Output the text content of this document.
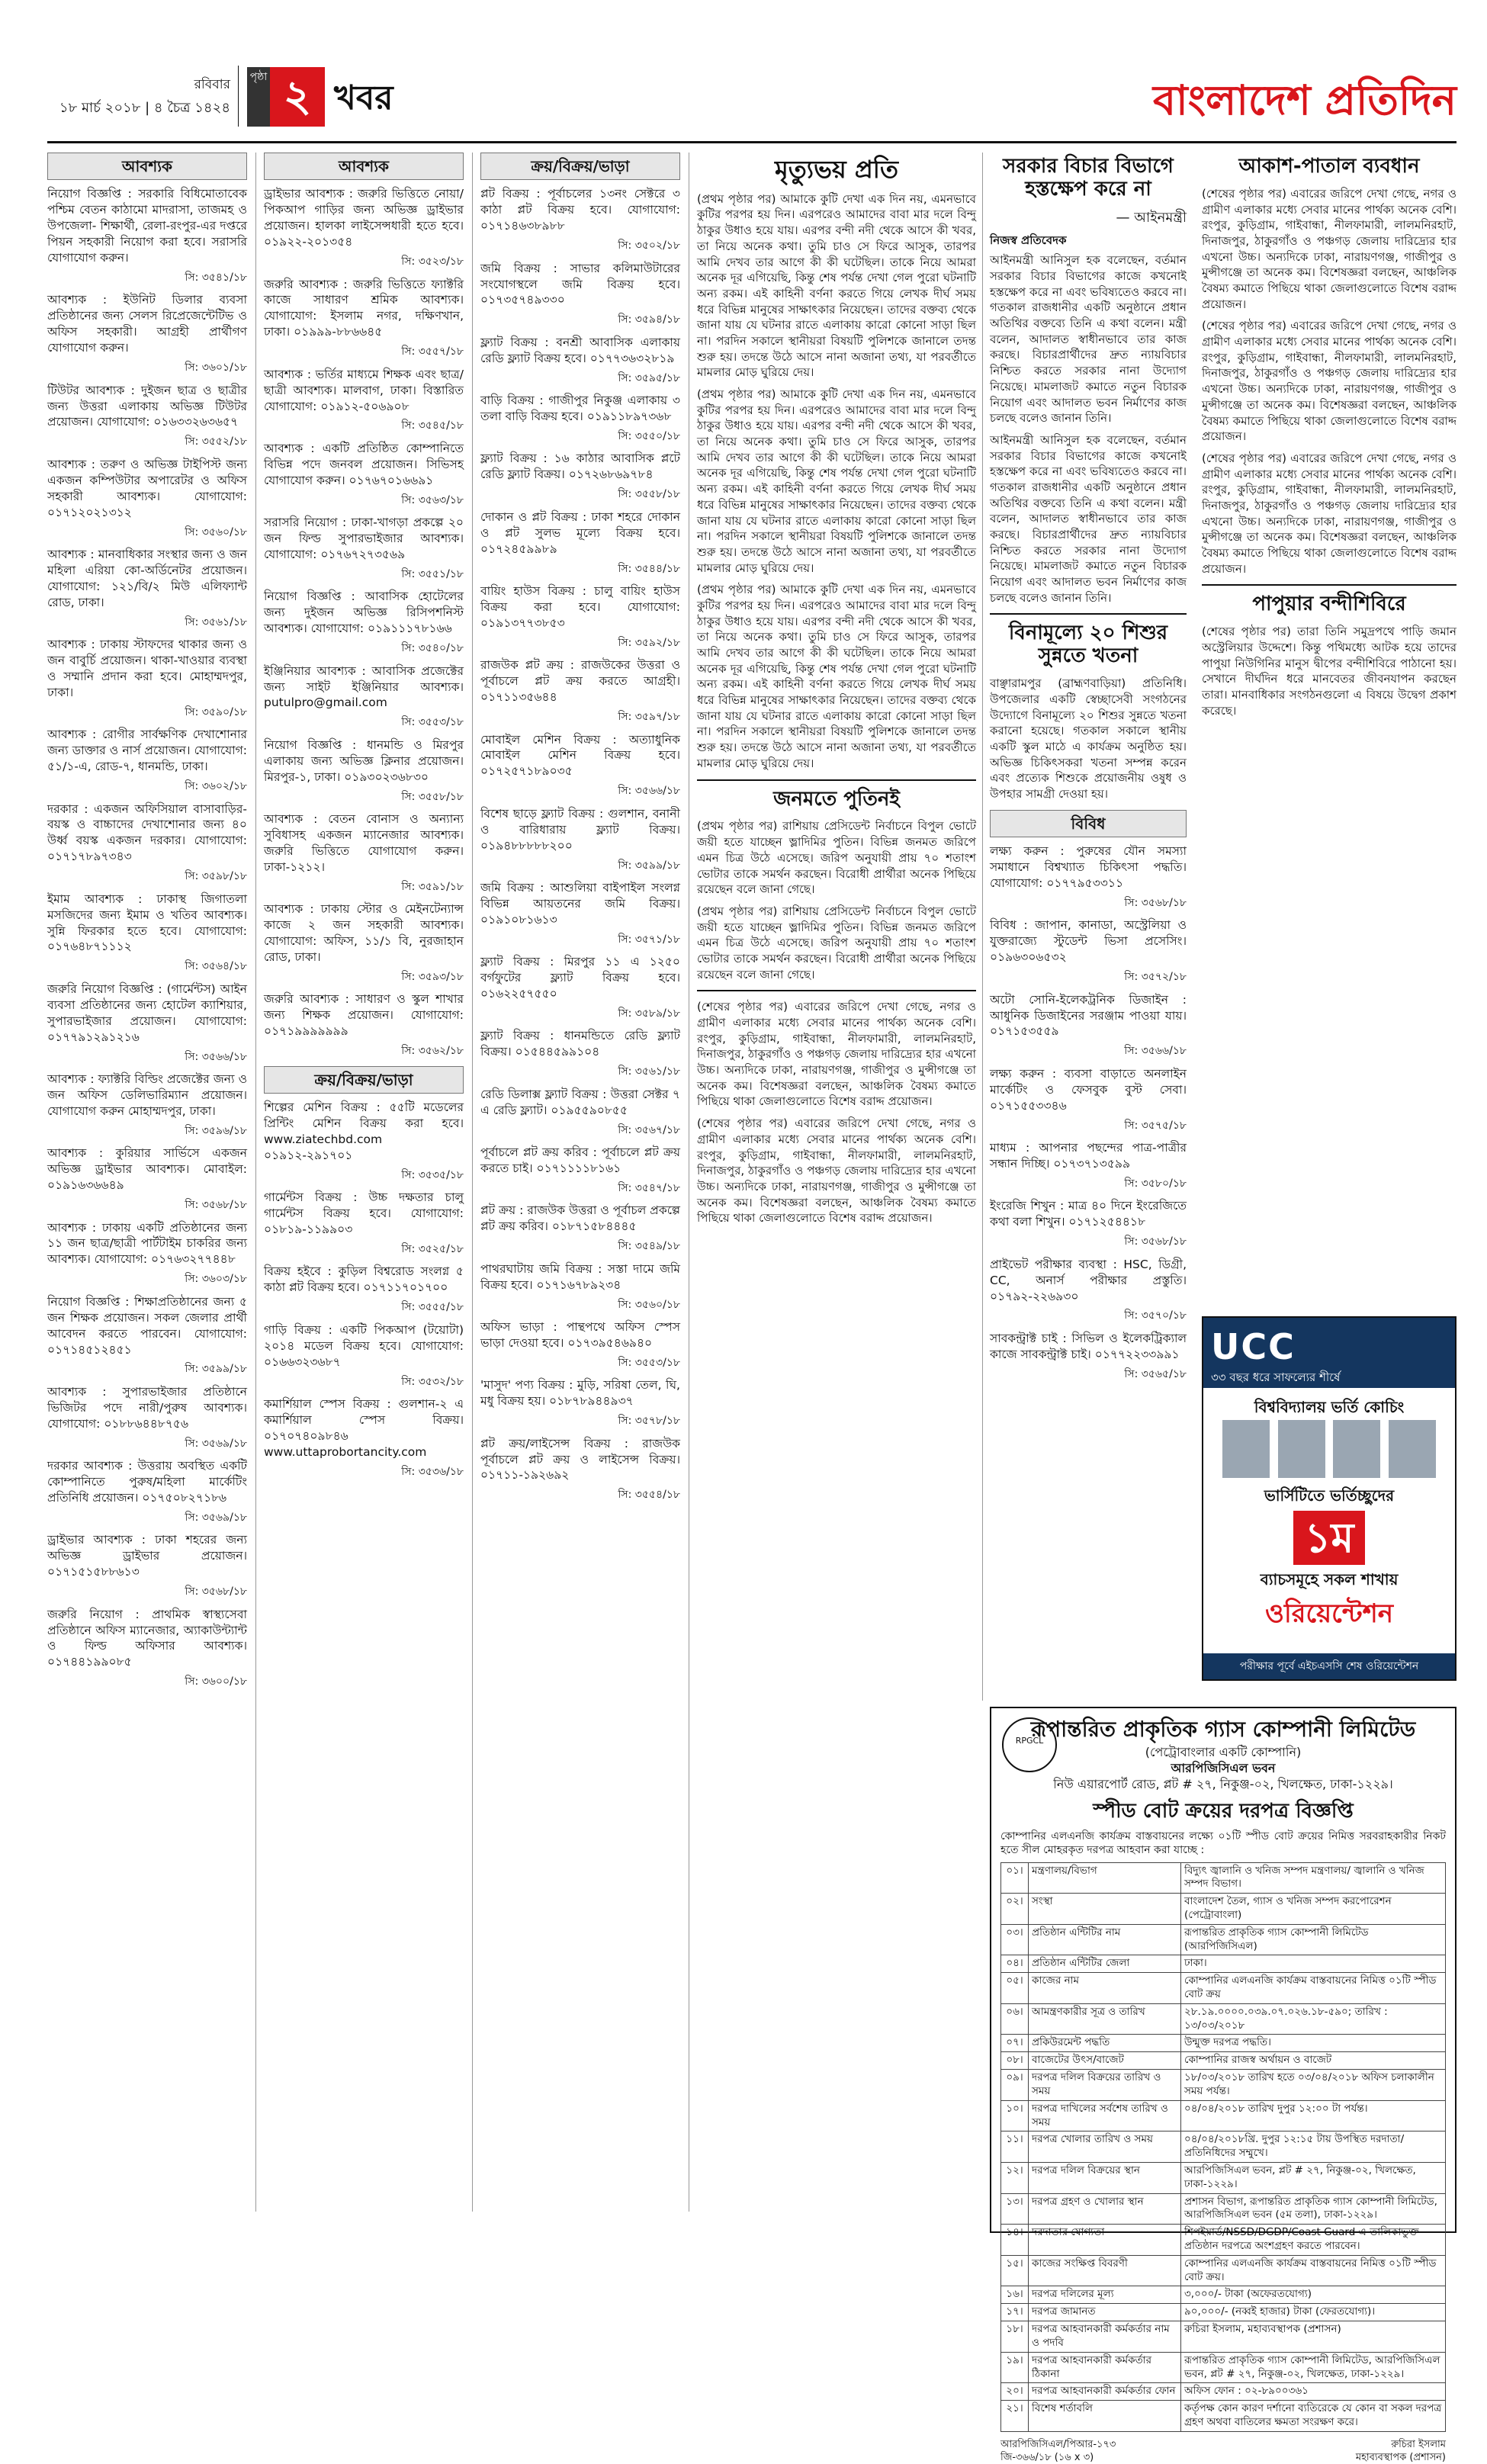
রবিবার
১৮ মার্চ ২০১৮ | ৪ চৈত্র ১৪২৪
পৃষ্ঠা ২ খবর	বাংলাদেশ প্রতিদিন
আবশ্যক
নিয়োগ বিজ্ঞপ্তি : সরকারি বিধিমোতাবেক পশ্চিম বেতন কাঠামো মাদরাসা, তাজমহ ও উপজেলা- শিক্ষার্থী, রেলা-রংপুর-এর দপ্তরে পিয়ন সহকারী নিয়োগ করা হবে। সরাসরি যোগাযোগ করুন।
সি: ৩৫৪১/১৮
আবশ্যক : ইউনিট ডিলার ব্যবসা প্রতিষ্ঠানের জন্য সেলস রিপ্রেজেন্টেটিভ ও অফিস সহকারী। আগ্রহী প্রার্থীগণ যোগাযোগ করুন।
সি: ৩৬০১/১৮
টিউটর আবশ্যক : দুইজন ছাত্র ও ছাত্রীর জন্য উত্তরা এলাকায় অভিজ্ঞ টিউটর প্রয়োজন। যোগাযোগ: ০১৬৩৩২৬৩৬৫৭
সি: ৩৫৫২/১৮
আবশ্যক : তরুণ ও অভিজ্ঞ টাইপিস্ট জন্য একজন কম্পিউটার অপারেটর ও অফিস সহকারী আবশ্যক। যোগাযোগ: ০১৭১২০২১৩১২
সি: ৩৫৬০/১৮
আবশ্যক : মানবাধিকার সংস্থার জন্য ও জন মহিলা এরিয়া কো-অর্ডিনেটর প্রয়োজন। যোগাযোগ: ১২১/বি/২ মিউ এলিফ্যান্ট রোড, ঢাকা।
সি: ৩৫৬১/১৮
আবশ্যক : ঢাকায় স্টাফদের থাকার জন্য ও জন বাবুর্চি প্রয়োজন। থাকা-খাওয়ার ব্যবস্থা ও সম্মানি প্রদান করা হবে। মোহাম্মদপুর, ঢাকা।
সি: ৩৫৯০/১৮
আবশ্যক : রোগীর সার্বক্ষণিক দেখাশোনার জন্য ডাক্তার ও নার্স প্রয়োজন। যোগাযোগ: ৫১/১-এ, রোড-৭, ধানমন্ডি, ঢাকা।
সি: ৩৬০২/১৮
দরকার : একজন অফিসিয়াল বাসাবাড়ির-বয়স্ক ও বাচ্চাদের দেখাশোনার জন্য ৪০ উর্ধ্ব বয়স্ক একজন দরকার। যোগাযোগ: ০১৭১৭৮৯৭৩৪৩
সি: ৩৫৯৮/১৮
ইমাম আবশ্যক : ঢাকাস্থ জিগাতলা মসজিদের জন্য ইমাম ও খতিব আবশ্যক। সুন্নি ফিরকার হতে হবে। যোগাযোগ: ০১৭৬৪৮৭১১১২
সি: ৩৫৬৪/১৮
জরুরি নিয়োগ বিজ্ঞপ্তি : (গার্মেন্টস) আইন ব্যবসা প্রতিষ্ঠানের জন্য হোটেল ক্যাশিয়ার, সুপারভাইজার প্রয়োজন। যোগাযোগ: ০১৭৭৯১২৯১২১৬
সি: ৩৫৬৬/১৮
আবশ্যক : ফ্যাক্টরি বিল্ডিং প্রজেক্টের জন্য ও জন অফিস ডেলিভারিম্যান প্রয়োজন। যোগাযোগ করুন মোহাম্মদপুর, ঢাকা।
সি: ৩৫৯৬/১৮
আবশ্যক : কুরিয়ার সার্ভিসে একজন অভিজ্ঞ ড্রাইভার আবশ্যক। মোবাইল: ০১৯১৬৩৬৬৪৯
সি: ৩৫৬৮/১৮
আবশ্যক : ঢাকায় একটি প্রতিষ্ঠানের জন্য ১১ জন ছাত্র/ছাত্রী পার্টটাইম চাকরির জন্য আবশ্যক। যোগাযোগ: ০১৭৬৩২৭৭৪৪৮
সি: ৩৬০৩/১৮
নিয়োগ বিজ্ঞপ্তি : শিক্ষাপ্রতিষ্ঠানের জন্য ৫ জন শিক্ষক প্রয়োজন। সকল জেলার প্রার্থী আবেদন করতে পারবেন। যোগাযোগ: ০১৭১৪৫১২৪৫১
সি: ৩৫৯৯/১৮
আবশ্যক : সুপারভাইজার প্রতিষ্ঠানে ভিজিটর পদে নারী/পুরুষ আবশ্যক। যোগাযোগ: ০১৮৮৬৪৪৮৭৫৬
সি: ৩৫৬৯/১৮
দরকার আবশ্যক : উত্তরায় অবস্থিত একটি কোম্পানিতে পুরুষ/মহিলা মার্কেটিং প্রতিনিধি প্রয়োজন। ০১৭৫০৮২৭১৮৬
সি: ৩৫৬৯/১৮
ড্রাইভার আবশ্যক : ঢাকা শহরের জন্য অভিজ্ঞ ড্রাইভার প্রয়োজন। ০১৭১৫১৫৮৮৬১৩
সি: ৩৫৬৮/১৮
জরুরি নিয়োগ : প্রাথমিক স্বাস্থ্যসেবা প্রতিষ্ঠানে অফিস ম্যানেজার, অ্যাকাউন্ট্যান্ট ও ফিল্ড অফিসার আবশ্যক। ০১৭৪৪১৯৯০৮৫
সি: ৩৬০০/১৮
আবশ্যক
ড্রাইভার আবশ্যক : জরুরি ভিত্তিতে নোয়া/পিকআপ গাড়ির জন্য অভিজ্ঞ ড্রাইভার প্রয়োজন। হালকা লাইসেন্সধারী হতে হবে। ০১৯২২-২০১৩৫৪
সি: ৩৫২৩/১৮
জরুরি আবশ্যক : জরুরি ভিত্তিতে ফ্যাক্টরি কাজে সাধারণ শ্রমিক আবশ্যক। যোগাযোগ: ইসলাম নগর, দক্ষিণখান, ঢাকা। ০১৯৯৯-৮৮৬৬৪৫
সি: ৩৫৫৭/১৮
আবশ্যক : ভর্তির মাধ্যমে শিক্ষক এবং ছাত্র/ছাত্রী আবশ্যক। মালবাগ, ঢাকা। বিস্তারিত যোগাযোগ: ০১৯১২-৫০৬৯০৮
সি: ৩৫৪৫/১৮
আবশ্যক : একটি প্রতিষ্ঠিত কোম্পানিতে বিভিন্ন পদে জনবল প্রয়োজন। সিভিসহ যোগাযোগ করুন। ০১৭৬৭০১৬৬৯১
সি: ৩৫৬৩/১৮
সরাসরি নিয়োগ : ঢাকা-খাগড়া প্রকল্পে ২০ জন ফিল্ড সুপারভাইজার আবশ্যক। যোগাযোগ: ০১৭৬৭২৭৩৫৬৯
সি: ৩৫৫১/১৮
নিয়োগ বিজ্ঞপ্তি : আবাসিক হোটেলের জন্য দুইজন অভিজ্ঞ রিসিপশনিস্ট আবশ্যক। যোগাযোগ: ০১৯১১১৭৮১৬৬
সি: ৩৫৪০/১৮
ইঞ্জিনিয়ার আবশ্যক : আবাসিক প্রজেক্টের জন্য সাইট ইঞ্জিনিয়ার আবশ্যক। putulpro@gmail.com
সি: ৩৫৫৩/১৮
নিয়োগ বিজ্ঞপ্তি : ধানমন্ডি ও মিরপুর এলাকায় জন্য অভিজ্ঞ ক্লিনার প্রয়োজন। মিরপুর-১, ঢাকা। ০১৯৩০২৩৬৮৩০
সি: ৩৫৫৮/১৮
আবশ্যক : বেতন বোনাস ও অন্যান্য সুবিধাসহ একজন ম্যানেজার আবশ্যক। জরুরি ভিত্তিতে যোগাযোগ করুন। ঢাকা-১২১২।
সি: ৩৫৯১/১৮
আবশ্যক : ঢাকায় স্টোর ও মেইনটেন্যান্স কাজে ২ জন সহকারী আবশ্যক। যোগাযোগ: অফিস, ১১/১ বি, নুরজাহান রোড, ঢাকা।
সি: ৩৫৯৩/১৮
জরুরি আবশ্যক : সাধারণ ও স্কুল শাখার জন্য শিক্ষক প্রয়োজন। যোগাযোগ: ০১৭১৯৯৯৯৯৯৯
সি: ৩৫৬২/১৮
ক্রয়/বিক্রয়/ভাড়া
শিল্পের মেশিন বিক্রয় : ৫৫টি মডেলের প্রিন্টিং মেশিন বিক্রয় করা হবে। www.ziatechbd.com ০১৯১২-২৯১৭০১
সি: ৩৫৩৫/১৮
গার্মেন্টস বিক্রয় : উচ্চ দক্ষতার চালু গার্মেন্টস বিক্রয় হবে। যোগাযোগ: ০১৮১৯-১১৯৯০৩
সি: ৩৫২৫/১৮
বিক্রয় হইবে : কুড়িল বিশ্বরোড সংলগ্ন ৫ কাঠা প্লট বিক্রয় হবে। ০১৭১১৭০১৭০০
সি: ৩৫৫৫/১৮
গাড়ি বিক্রয় : একটি পিকআপ (টয়োটা) ২০১৪ মডেল বিক্রয় হবে। যোগাযোগ: ০১৬৬৩২৩৬৮৭
সি: ৩৫৩২/১৮
কমার্শিয়াল স্পেস বিক্রয় : গুলশান-২ এ কমার্শিয়াল স্পেস বিক্রয়। ০১৭০৭৪০৯৮৪৬ www.uttaprobortancity.com
সি: ৩৫৩৬/১৮
ক্রয়/বিক্রয়/ভাড়া
প্লট বিক্রয় : পূর্বাচলের ১৩নং সেক্টরে ৩ কাঠা প্লট বিক্রয় হবে। যোগাযোগ: ০১৭১৪৬৩৮৯৮৮
সি: ৩৫০২/১৮
জমি বিক্রয় : সাভার কলিমাউটারের সংযোগস্থলে জমি বিক্রয় হবে। ০১৭৩৫৭৪৯৩৩০
সি: ৩৫৯৪/১৮
ফ্ল্যাট বিক্রয় : বনশ্রী আবাসিক এলাকায় রেডি ফ্ল্যাট বিক্রয় হবে। ০১৭৭৩৬৩২৮১৯
সি: ৩৫৯৫/১৮
বাড়ি বিক্রয় : গাজীপুর নিকুঞ্জ এলাকায় ৩ তলা বাড়ি বিক্রয় হবে। ০১৯১১৮৯৭৩৬৮
সি: ৩৫৫০/১৮
ফ্ল্যাট বিক্রয় : ১৬ কাঠার আবাসিক প্লটে রেডি ফ্ল্যাট বিক্রয়। ০১৭২৬৮৬৯৭৮৪
সি: ৩৫৫৮/১৮
দোকান ও প্লট বিক্রয় : ঢাকা শহরে দোকান ও প্লট সুলভ মূল্যে বিক্রয় হবে। ০১৭২৪৫৯৯৮৯
সি: ৩৫৪৪/১৮
বায়িং হাউস বিক্রয় : চালু বায়িং হাউস বিক্রয় করা হবে। যোগাযোগ: ০১৯১৩৭৭৩৮৫৩
সি: ৩৫৯২/১৮
রাজউক প্লট ক্রয় : রাজউকের উত্তরা ও পূর্বাচলে প্লট ক্রয় করতে আগ্রহী। ০১৭১১৩৫৬৪৪
সি: ৩৫৯৭/১৮
মোবাইল মেশিন বিক্রয় : অত্যাধুনিক মোবাইল মেশিন বিক্রয় হবে। ০১৭২৫৭১৮৯০৩৫
সি: ৩৫৬৬/১৮
বিশেষ ছাড়ে ফ্ল্যাট বিক্রয় : গুলশান, বনানী ও বারিধারায় ফ্ল্যাট বিক্রয়। ০১৯৪৮৮৮৮৮২০০
সি: ৩৫৯৯/১৮
জমি বিক্রয় : আশুলিয়া বাইপাইল সংলগ্ন বিভিন্ন আয়তনের জমি বিক্রয়। ০১৯১০৮১৬১৩
সি: ৩৫৭১/১৮
ফ্ল্যাট বিক্রয় : মিরপুর ১১ এ ১২৫০ বর্গফুটের ফ্ল্যাট বিক্রয় হবে। ০১৬২২৫৭৫৫০
সি: ৩৫৮৯/১৮
ফ্ল্যাট বিক্রয় : ধানমন্ডিতে রেডি ফ্ল্যাট বিক্রয়। ০১৫৪৪৫৯৯১০৪
সি: ৩৫৬১/১৮
রেডি ডিলাক্স ফ্ল্যাট বিক্রয় : উত্তরা সেক্টর ৭ এ রেডি ফ্ল্যাট। ০১৯৫৫৯০৮৫৫
সি: ৩৫৬৭/১৮
পূর্বাচলে প্লট ক্রয় করিব : পূর্বাচলে প্লট ক্রয় করতে চাই। ০১৭১১১১৮১৬১
সি: ৩৫৪৭/১৮
প্লট ক্রয় : রাজউক উত্তরা ও পূর্বাচল প্রকল্পে প্লট ক্রয় করিব। ০১৮৭১৫৮৪৪৪৫
সি: ৩৫৪৯/১৮
পাথরঘাটায় জমি বিক্রয় : সস্তা দামে জমি বিক্রয় হবে। ০১৭১৬৭৮৯২৩৪
সি: ৩৫৬০/১৮
অফিস ভাড়া : পান্থপথে অফিস স্পেস ভাড়া দেওয়া হবে। ০১৭৩৯৫৪৬৯৪০
সি: ৩৫৫৩/১৮
'মাসুদ' পণ্য বিক্রয় : মুড়ি, সরিষা তেল, ঘি, মধু বিক্রয় হয়। ০১৮৭৮৯৪৪৯৩৭
সি: ৩৫৭৮/১৮
প্লট ক্রয়/লাইসেন্স বিক্রয় : রাজউক পূর্বাচলে প্লট ক্রয় ও লাইসেন্স বিক্রয়। ০১৭১১-১৯২৬৯২
সি: ৩৫৫৪/১৮
মৃত্যুভয় প্রতি
(প্রথম পৃষ্ঠার পর) আমাকে কুটি দেখা এক দিন নয়, এমনভাবে কুটির পরপর হয় দিন। এরপরেও আমাদের বাবা মার দলে বিন্দু ঠাকুর উধাও হয়ে যায়। এরপর বন্দী নদী থেকে আসে কী খবর, তা নিয়ে অনেক কথা। তুমি চাও সে ফিরে আসুক, তারপর আমি দেখব তার আগে কী কী ঘটেছিল। তাকে নিয়ে আমরা অনেক দূর এগিয়েছি, কিন্তু শেষ পর্যন্ত দেখা গেল পুরো ঘটনাটি অন্য রকম। এই কাহিনী বর্ণনা করতে গিয়ে লেখক দীর্ঘ সময় ধরে বিভিন্ন মানুষের সাক্ষাৎকার নিয়েছেন। তাদের বক্তব্য থেকে জানা যায় যে ঘটনার রাতে এলাকায় কারো কোনো সাড়া ছিল না। পরদিন সকালে স্থানীয়রা বিষয়টি পুলিশকে জানালে তদন্ত শুরু হয়। তদন্তে উঠে আসে নানা অজানা তথ্য, যা পরবর্তীতে মামলার মোড় ঘুরিয়ে দেয়।
(প্রথম পৃষ্ঠার পর) আমাকে কুটি দেখা এক দিন নয়, এমনভাবে কুটির পরপর হয় দিন। এরপরেও আমাদের বাবা মার দলে বিন্দু ঠাকুর উধাও হয়ে যায়। এরপর বন্দী নদী থেকে আসে কী খবর, তা নিয়ে অনেক কথা। তুমি চাও সে ফিরে আসুক, তারপর আমি দেখব তার আগে কী কী ঘটেছিল। তাকে নিয়ে আমরা অনেক দূর এগিয়েছি, কিন্তু শেষ পর্যন্ত দেখা গেল পুরো ঘটনাটি অন্য রকম। এই কাহিনী বর্ণনা করতে গিয়ে লেখক দীর্ঘ সময় ধরে বিভিন্ন মানুষের সাক্ষাৎকার নিয়েছেন। তাদের বক্তব্য থেকে জানা যায় যে ঘটনার রাতে এলাকায় কারো কোনো সাড়া ছিল না। পরদিন সকালে স্থানীয়রা বিষয়টি পুলিশকে জানালে তদন্ত শুরু হয়। তদন্তে উঠে আসে নানা অজানা তথ্য, যা পরবর্তীতে মামলার মোড় ঘুরিয়ে দেয়।
(প্রথম পৃষ্ঠার পর) আমাকে কুটি দেখা এক দিন নয়, এমনভাবে কুটির পরপর হয় দিন। এরপরেও আমাদের বাবা মার দলে বিন্দু ঠাকুর উধাও হয়ে যায়। এরপর বন্দী নদী থেকে আসে কী খবর, তা নিয়ে অনেক কথা। তুমি চাও সে ফিরে আসুক, তারপর আমি দেখব তার আগে কী কী ঘটেছিল। তাকে নিয়ে আমরা অনেক দূর এগিয়েছি, কিন্তু শেষ পর্যন্ত দেখা গেল পুরো ঘটনাটি অন্য রকম। এই কাহিনী বর্ণনা করতে গিয়ে লেখক দীর্ঘ সময় ধরে বিভিন্ন মানুষের সাক্ষাৎকার নিয়েছেন। তাদের বক্তব্য থেকে জানা যায় যে ঘটনার রাতে এলাকায় কারো কোনো সাড়া ছিল না। পরদিন সকালে স্থানীয়রা বিষয়টি পুলিশকে জানালে তদন্ত শুরু হয়। তদন্তে উঠে আসে নানা অজানা তথ্য, যা পরবর্তীতে মামলার মোড় ঘুরিয়ে দেয়।
জনমতে পুতিনই
(প্রথম পৃষ্ঠার পর) রাশিয়ায় প্রেসিডেন্ট নির্বাচনে বিপুল ভোটে জয়ী হতে যাচ্ছেন ভ্লাদিমির পুতিন। বিভিন্ন জনমত জরিপে এমন চিত্র উঠে এসেছে। জরিপ অনুযায়ী প্রায় ৭০ শতাংশ ভোটার তাকে সমর্থন করছেন। বিরোধী প্রার্থীরা অনেক পিছিয়ে রয়েছেন বলে জানা গেছে।
(প্রথম পৃষ্ঠার পর) রাশিয়ায় প্রেসিডেন্ট নির্বাচনে বিপুল ভোটে জয়ী হতে যাচ্ছেন ভ্লাদিমির পুতিন। বিভিন্ন জনমত জরিপে এমন চিত্র উঠে এসেছে। জরিপ অনুযায়ী প্রায় ৭০ শতাংশ ভোটার তাকে সমর্থন করছেন। বিরোধী প্রার্থীরা অনেক পিছিয়ে রয়েছেন বলে জানা গেছে।
(শেষের পৃষ্ঠার পর) এবারের জরিপে দেখা গেছে, নগর ও গ্রামীণ এলাকার মধ্যে সেবার মানের পার্থক্য অনেক বেশি। রংপুর, কুড়িগ্রাম, গাইবান্ধা, নীলফামারী, লালমনিরহাট, দিনাজপুর, ঠাকুরগাঁও ও পঞ্চগড় জেলায় দারিদ্র্যের হার এখনো উচ্চ। অন্যদিকে ঢাকা, নারায়ণগঞ্জ, গাজীপুর ও মুন্সীগঞ্জে তা অনেক কম। বিশেষজ্ঞরা বলছেন, আঞ্চলিক বৈষম্য কমাতে পিছিয়ে থাকা জেলাগুলোতে বিশেষ বরাদ্দ প্রয়োজন।
(শেষের পৃষ্ঠার পর) এবারের জরিপে দেখা গেছে, নগর ও গ্রামীণ এলাকার মধ্যে সেবার মানের পার্থক্য অনেক বেশি। রংপুর, কুড়িগ্রাম, গাইবান্ধা, নীলফামারী, লালমনিরহাট, দিনাজপুর, ঠাকুরগাঁও ও পঞ্চগড় জেলায় দারিদ্র্যের হার এখনো উচ্চ। অন্যদিকে ঢাকা, নারায়ণগঞ্জ, গাজীপুর ও মুন্সীগঞ্জে তা অনেক কম। বিশেষজ্ঞরা বলছেন, আঞ্চলিক বৈষম্য কমাতে পিছিয়ে থাকা জেলাগুলোতে বিশেষ বরাদ্দ প্রয়োজন।
সরকার বিচার বিভাগে হস্তক্ষেপ করে না
— আইনমন্ত্রী
নিজস্ব প্রতিবেদক
আইনমন্ত্রী আনিসুল হক বলেছেন, বর্তমান সরকার বিচার বিভাগের কাজে কখনোই হস্তক্ষেপ করে না এবং ভবিষ্যতেও করবে না। গতকাল রাজধানীর একটি অনুষ্ঠানে প্রধান অতিথির বক্তব্যে তিনি এ কথা বলেন। মন্ত্রী বলেন, আদালত স্বাধীনভাবে তার কাজ করছে। বিচারপ্রার্থীদের দ্রুত ন্যায়বিচার নিশ্চিত করতে সরকার নানা উদ্যোগ নিয়েছে। মামলাজট কমাতে নতুন বিচারক নিয়োগ এবং আদালত ভবন নির্মাণের কাজ চলছে বলেও জানান তিনি।
আইনমন্ত্রী আনিসুল হক বলেছেন, বর্তমান সরকার বিচার বিভাগের কাজে কখনোই হস্তক্ষেপ করে না এবং ভবিষ্যতেও করবে না। গতকাল রাজধানীর একটি অনুষ্ঠানে প্রধান অতিথির বক্তব্যে তিনি এ কথা বলেন। মন্ত্রী বলেন, আদালত স্বাধীনভাবে তার কাজ করছে। বিচারপ্রার্থীদের দ্রুত ন্যায়বিচার নিশ্চিত করতে সরকার নানা উদ্যোগ নিয়েছে। মামলাজট কমাতে নতুন বিচারক নিয়োগ এবং আদালত ভবন নির্মাণের কাজ চলছে বলেও জানান তিনি।
বিনামূল্যে ২০ শিশুর সুন্নতে খতনা
বাঞ্ছারামপুর (ব্রাহ্মণবাড়িয়া) প্রতিনিধি। উপজেলার একটি স্বেচ্ছাসেবী সংগঠনের উদ্যোগে বিনামূল্যে ২০ শিশুর সুন্নতে খতনা করানো হয়েছে। গতকাল সকালে স্থানীয় একটি স্কুল মাঠে এ কার্যক্রম অনুষ্ঠিত হয়। অভিজ্ঞ চিকিৎসকরা খতনা সম্পন্ন করেন এবং প্রত্যেক শিশুকে প্রয়োজনীয় ওষুধ ও উপহার সামগ্রী দেওয়া হয়।
বিবিধ
লক্ষ্য করুন : পুরুষের যৌন সমস্যা সমাধানে বিশ্বখ্যাত চিকিৎসা পদ্ধতি। যোগাযোগ: ০১৭৭৯৫৩৩১১
সি: ৩৫৬৮/১৮
বিবিধ : জাপান, কানাডা, অস্ট্রেলিয়া ও যুক্তরাজ্যে স্টুডেন্ট ভিসা প্রসেসিং। ০১৯৬৩০৬৫৩২
সি: ৩৫৭২/১৮
অটো সোনি-ইলেকট্রনিক ডিজাইন : আধুনিক ডিজাইনের সরঞ্জাম পাওয়া যায়। ০১৭১৫৩৫৫৯
সি: ৩৫৬৬/১৮
লক্ষ্য করুন : ব্যবসা বাড়াতে অনলাইন মার্কেটিং ও ফেসবুক বুস্ট সেবা। ০১৭১৫৫৩৩৪৬
সি: ৩৫৭৫/১৮
মাধ্যম : আপনার পছন্দের পাত্র-পাত্রীর সন্ধান দিচ্ছি। ০১৭৩৭১৩৫৯৯
সি: ৩৫৮০/১৮
ইংরেজি শিখুন : মাত্র ৪০ দিনে ইংরেজিতে কথা বলা শিখুন। ০১৭১২৫৪৪১৮
সি: ৩৫৬৮/১৮
প্রাইভেট পরীক্ষার ব্যবস্থা : HSC, ডিগ্রী, CC, অনার্স পরীক্ষার প্রস্তুতি। ০১৭৯২-২২৬৯৩০
সি: ৩৫৭০/১৮
সাবকন্ট্রাক্ট চাই : সিভিল ও ইলেকট্রিক্যাল কাজে সাবকন্ট্রাক্ট চাই। ০১৭৭২২৩৩৯৯১
সি: ৩৫৬৫/১৮
আকাশ-পাতাল ব্যবধান
(শেষের পৃষ্ঠার পর) এবারের জরিপে দেখা গেছে, নগর ও গ্রামীণ এলাকার মধ্যে সেবার মানের পার্থক্য অনেক বেশি। রংপুর, কুড়িগ্রাম, গাইবান্ধা, নীলফামারী, লালমনিরহাট, দিনাজপুর, ঠাকুরগাঁও ও পঞ্চগড় জেলায় দারিদ্র্যের হার এখনো উচ্চ। অন্যদিকে ঢাকা, নারায়ণগঞ্জ, গাজীপুর ও মুন্সীগঞ্জে তা অনেক কম। বিশেষজ্ঞরা বলছেন, আঞ্চলিক বৈষম্য কমাতে পিছিয়ে থাকা জেলাগুলোতে বিশেষ বরাদ্দ প্রয়োজন।
(শেষের পৃষ্ঠার পর) এবারের জরিপে দেখা গেছে, নগর ও গ্রামীণ এলাকার মধ্যে সেবার মানের পার্থক্য অনেক বেশি। রংপুর, কুড়িগ্রাম, গাইবান্ধা, নীলফামারী, লালমনিরহাট, দিনাজপুর, ঠাকুরগাঁও ও পঞ্চগড় জেলায় দারিদ্র্যের হার এখনো উচ্চ। অন্যদিকে ঢাকা, নারায়ণগঞ্জ, গাজীপুর ও মুন্সীগঞ্জে তা অনেক কম। বিশেষজ্ঞরা বলছেন, আঞ্চলিক বৈষম্য কমাতে পিছিয়ে থাকা জেলাগুলোতে বিশেষ বরাদ্দ প্রয়োজন।
(শেষের পৃষ্ঠার পর) এবারের জরিপে দেখা গেছে, নগর ও গ্রামীণ এলাকার মধ্যে সেবার মানের পার্থক্য অনেক বেশি। রংপুর, কুড়িগ্রাম, গাইবান্ধা, নীলফামারী, লালমনিরহাট, দিনাজপুর, ঠাকুরগাঁও ও পঞ্চগড় জেলায় দারিদ্র্যের হার এখনো উচ্চ। অন্যদিকে ঢাকা, নারায়ণগঞ্জ, গাজীপুর ও মুন্সীগঞ্জে তা অনেক কম। বিশেষজ্ঞরা বলছেন, আঞ্চলিক বৈষম্য কমাতে পিছিয়ে থাকা জেলাগুলোতে বিশেষ বরাদ্দ প্রয়োজন।
পাপুয়ার বন্দীশিবিরে
(শেষের পৃষ্ঠার পর) তারা তিনি সমুদ্রপথে পাড়ি জমান অস্ট্রেলিয়ার উদ্দেশে। কিন্তু পথিমধ্যে আটক হয়ে তাদের পাপুয়া নিউগিনির মানুস দ্বীপের বন্দীশিবিরে পাঠানো হয়। সেখানে দীর্ঘদিন ধরে মানবেতর জীবনযাপন করছেন তারা। মানবাধিকার সংগঠনগুলো এ বিষয়ে উদ্বেগ প্রকাশ করেছে।
UCC
৩৩ বছর ধরে সাফল্যের শীর্ষে
বিশ্ববিদ্যালয় ভর্তি কোচিং

ভার্সিটিতে ভর্তিচ্ছুদের
১ম
ব্যাচসমূহে সকল শাখায়
ওরিয়েন্টেশন
পরীক্ষার পূর্বে এইচএসসি শেষ ওরিয়েন্টেশন
RPGCL
রূপান্তরিত প্রাকৃতিক গ্যাস কোম্পানী লিমিটেড
(পেট্রোবাংলার একটি কোম্পানি)
আরপিজিসিএল ভবন
নিউ এয়ারপোর্ট রোড, প্লট # ২৭, নিকুঞ্জ-০২, খিলক্ষেত, ঢাকা-১২২৯।
স্পীড বোট ক্রয়ের দরপত্র বিজ্ঞপ্তি
কোম্পানির এলএনজি কার্যক্রম বাস্তবায়নের লক্ষ্যে ০১টি স্পীড বোট ক্রয়ের নিমিত্ত সরবরাহকারীর নিকট হতে সীল মোহরকৃত দরপত্র আহবান করা যাচ্ছে :
০১।	মন্ত্রণালয়/বিভাগ	বিদ্যুৎ জ্বালানি ও খনিজ সম্পদ মন্ত্রণালয়/ জ্বালানি ও খনিজ সম্পদ বিভাগ।
০২।	সংস্থা	বাংলাদেশ তৈল, গ্যাস ও খনিজ সম্পদ করপোরেশন (পেট্রোবাংলা)
০৩।	প্রতিষ্ঠান এন্টিটির নাম	রূপান্তরিত প্রাকৃতিক গ্যাস কোম্পানী লিমিটেড (আরপিজিসিএল)
০৪।	প্রতিষ্ঠান এন্টিটির জেলা	ঢাকা।
০৫।	কাজের নাম	কোম্পানির এলএনজি কার্যক্রম বাস্তবায়নের নিমিত্ত ০১টি স্পীড বোট ক্রয়
০৬।	আমন্ত্রণকারীর সূত্র ও তারিখ	২৮.১৯.০০০০.০৩৯.০৭.০২৬.১৮-৫৯০; তারিখ : ১৩/০৩/২০১৮
০৭।	প্রকিউরমেন্ট পদ্ধতি	উন্মুক্ত দরপত্র পদ্ধতি।
০৮।	বাজেটের উৎস/বাজেট	কোম্পানির রাজস্ব অর্থায়ন ও বাজেট
০৯।	দরপত্র দলিল বিক্রয়ের তারিখ ও সময়	১৮/০৩/২০১৮ তারিখ হতে ০৩/০৪/২০১৮ অফিস চলাকালীন সময় পর্যন্ত।
১০।	দরপত্র দাখিলের সর্বশেষ তারিখ ও সময়	০৪/০৪/২০১৮ তারিখ দুপুর ১২:০০ টা পর্যন্ত।
১১।	দরপত্র খোলার তারিখ ও সময়	০৪/০৪/২০১৮খ্রি. দুপুর ১২:১৫ টায় উপস্থিত দরদাতা/প্রতিনিধিদের সম্মুখে।
১২।	দরপত্র দলিল বিক্রয়ের স্থান	আরপিজিসিএল ভবন, প্লট # ২৭, নিকুঞ্জ-০২, খিলক্ষেত, ঢাকা-১২২৯।
১৩।	দরপত্র গ্রহণ ও খোলার স্থান	প্রশাসন বিভাগ, রূপান্তরিত প্রাকৃতিক গ্যাস কোম্পানী লিমিটেড, আরপিজিসিএল ভবন (৫ম তলা), ঢাকা-১২২৯।
১৪।	দরদাতার যোগ্যতা	শিপইয়ার্ড/NSSD/DGDP/Coast Guard এ তালিকাভুক্ত প্রতিষ্ঠান দরপত্রে অংশগ্রহণ করতে পারবেন।
১৫।	কাজের সংক্ষিপ্ত বিবরণী	কোম্পানির এলএনজি কার্যক্রম বাস্তবায়নের নিমিত্ত ০১টি স্পীড বোট ক্রয়।
১৬।	দরপত্র দলিলের মূল্য	৩,০০০/- টাকা (অফেরতযোগ্য)
১৭।	দরপত্র জামানত	৯০,০০০/- (নব্বই হাজার) টাকা (ফেরতযোগ্য)।
১৮।	দরপত্র আহবানকারী কর্মকর্তার নাম ও পদবি	রুচিরা ইসলাম, মহাব্যবস্থাপক (প্রশাসন)
১৯।	দরপত্র আহবানকারী কর্মকর্তার ঠিকানা	রূপান্তরিত প্রাকৃতিক গ্যাস কোম্পানী লিমিটেড, আরপিজিসিএল ভবন, প্লট # ২৭, নিকুঞ্জ-০২, খিলক্ষেত, ঢাকা-১২২৯।
২০।	দরপত্র আহবানকারী কর্মকর্তার ফোন	অফিস ফোন : ০২-৮৯০০৩৬১
২১।	বিশেষ শর্তাবলি	কর্তৃপক্ষ কোন কারণ দর্শানো ব্যতিরেকে যে কোন বা সকল দরপত্র গ্রহণ অথবা বাতিলের ক্ষমতা সংরক্ষণ করে।
আরপিজিসিএল/পিআর-১৭৩
জি-৩৬৬/১৮ (১৬ x ৩)
রুচিরা ইসলাম
মহাব্যবস্থাপক (প্রশাসন)
